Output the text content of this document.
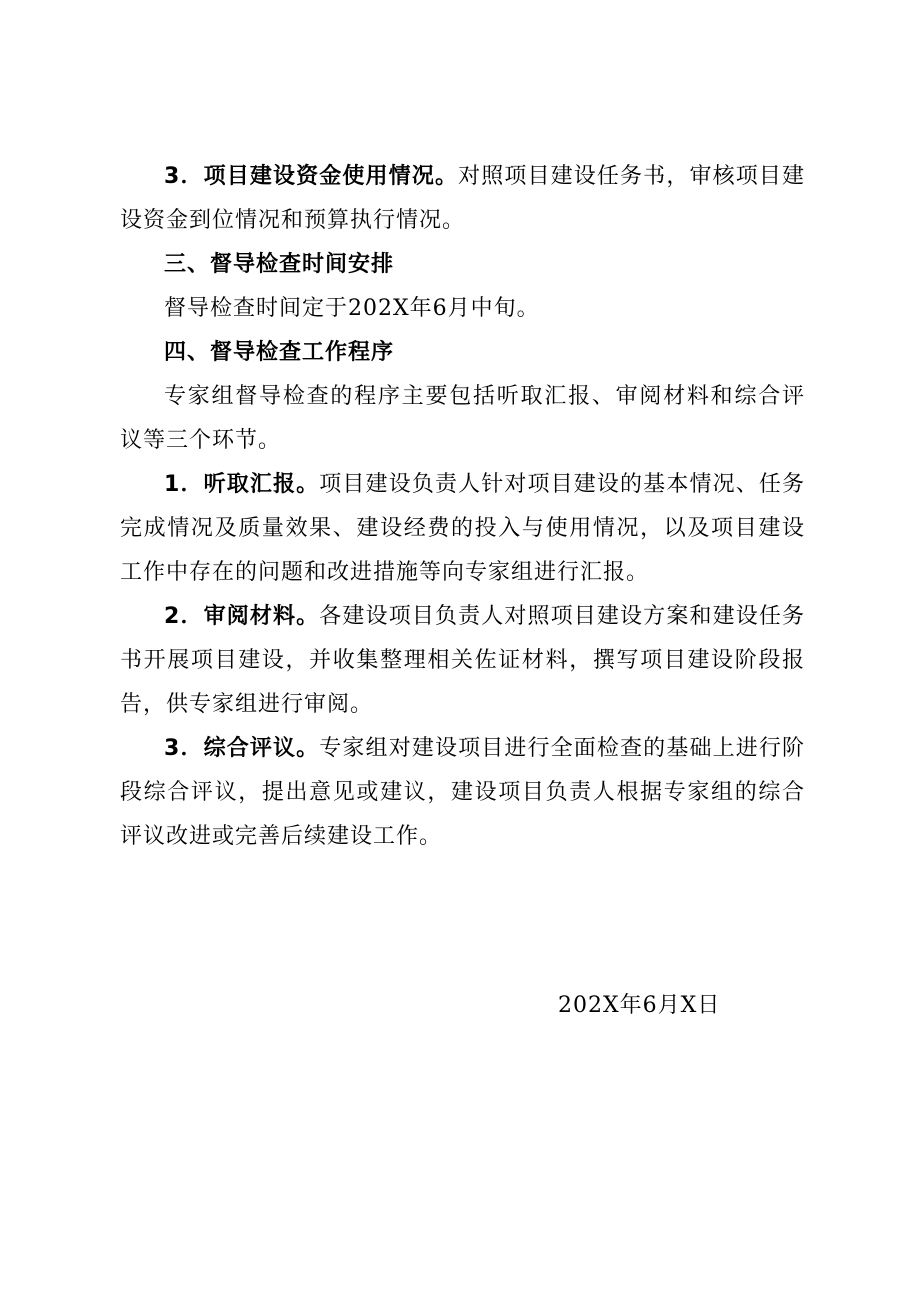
3．项目建设资金使用情况。对照项目建设任务书，审核项目建设资金到位情况和预算执行情况。

三、督导检查时间安排

督导检查时间定于202X年6月中旬。

四、督导检查工作程序

专家组督导检查的程序主要包括听取汇报、审阅材料和综合评议等三个环节。

1．听取汇报。项目建设负责人针对项目建设的基本情况、任务完成情况及质量效果、建设经费的投入与使用情况，以及项目建设工作中存在的问题和改进措施等向专家组进行汇报。

2．审阅材料。各建设项目负责人对照项目建设方案和建设任务书开展项目建设，并收集整理相关佐证材料，撰写项目建设阶段报告，供专家组进行审阅。

3．综合评议。专家组对建设项目进行全面检查的基础上进行阶段综合评议，提出意见或建议，建设项目负责人根据专家组的综合评议改进或完善后续建设工作。

202X年6月X日
